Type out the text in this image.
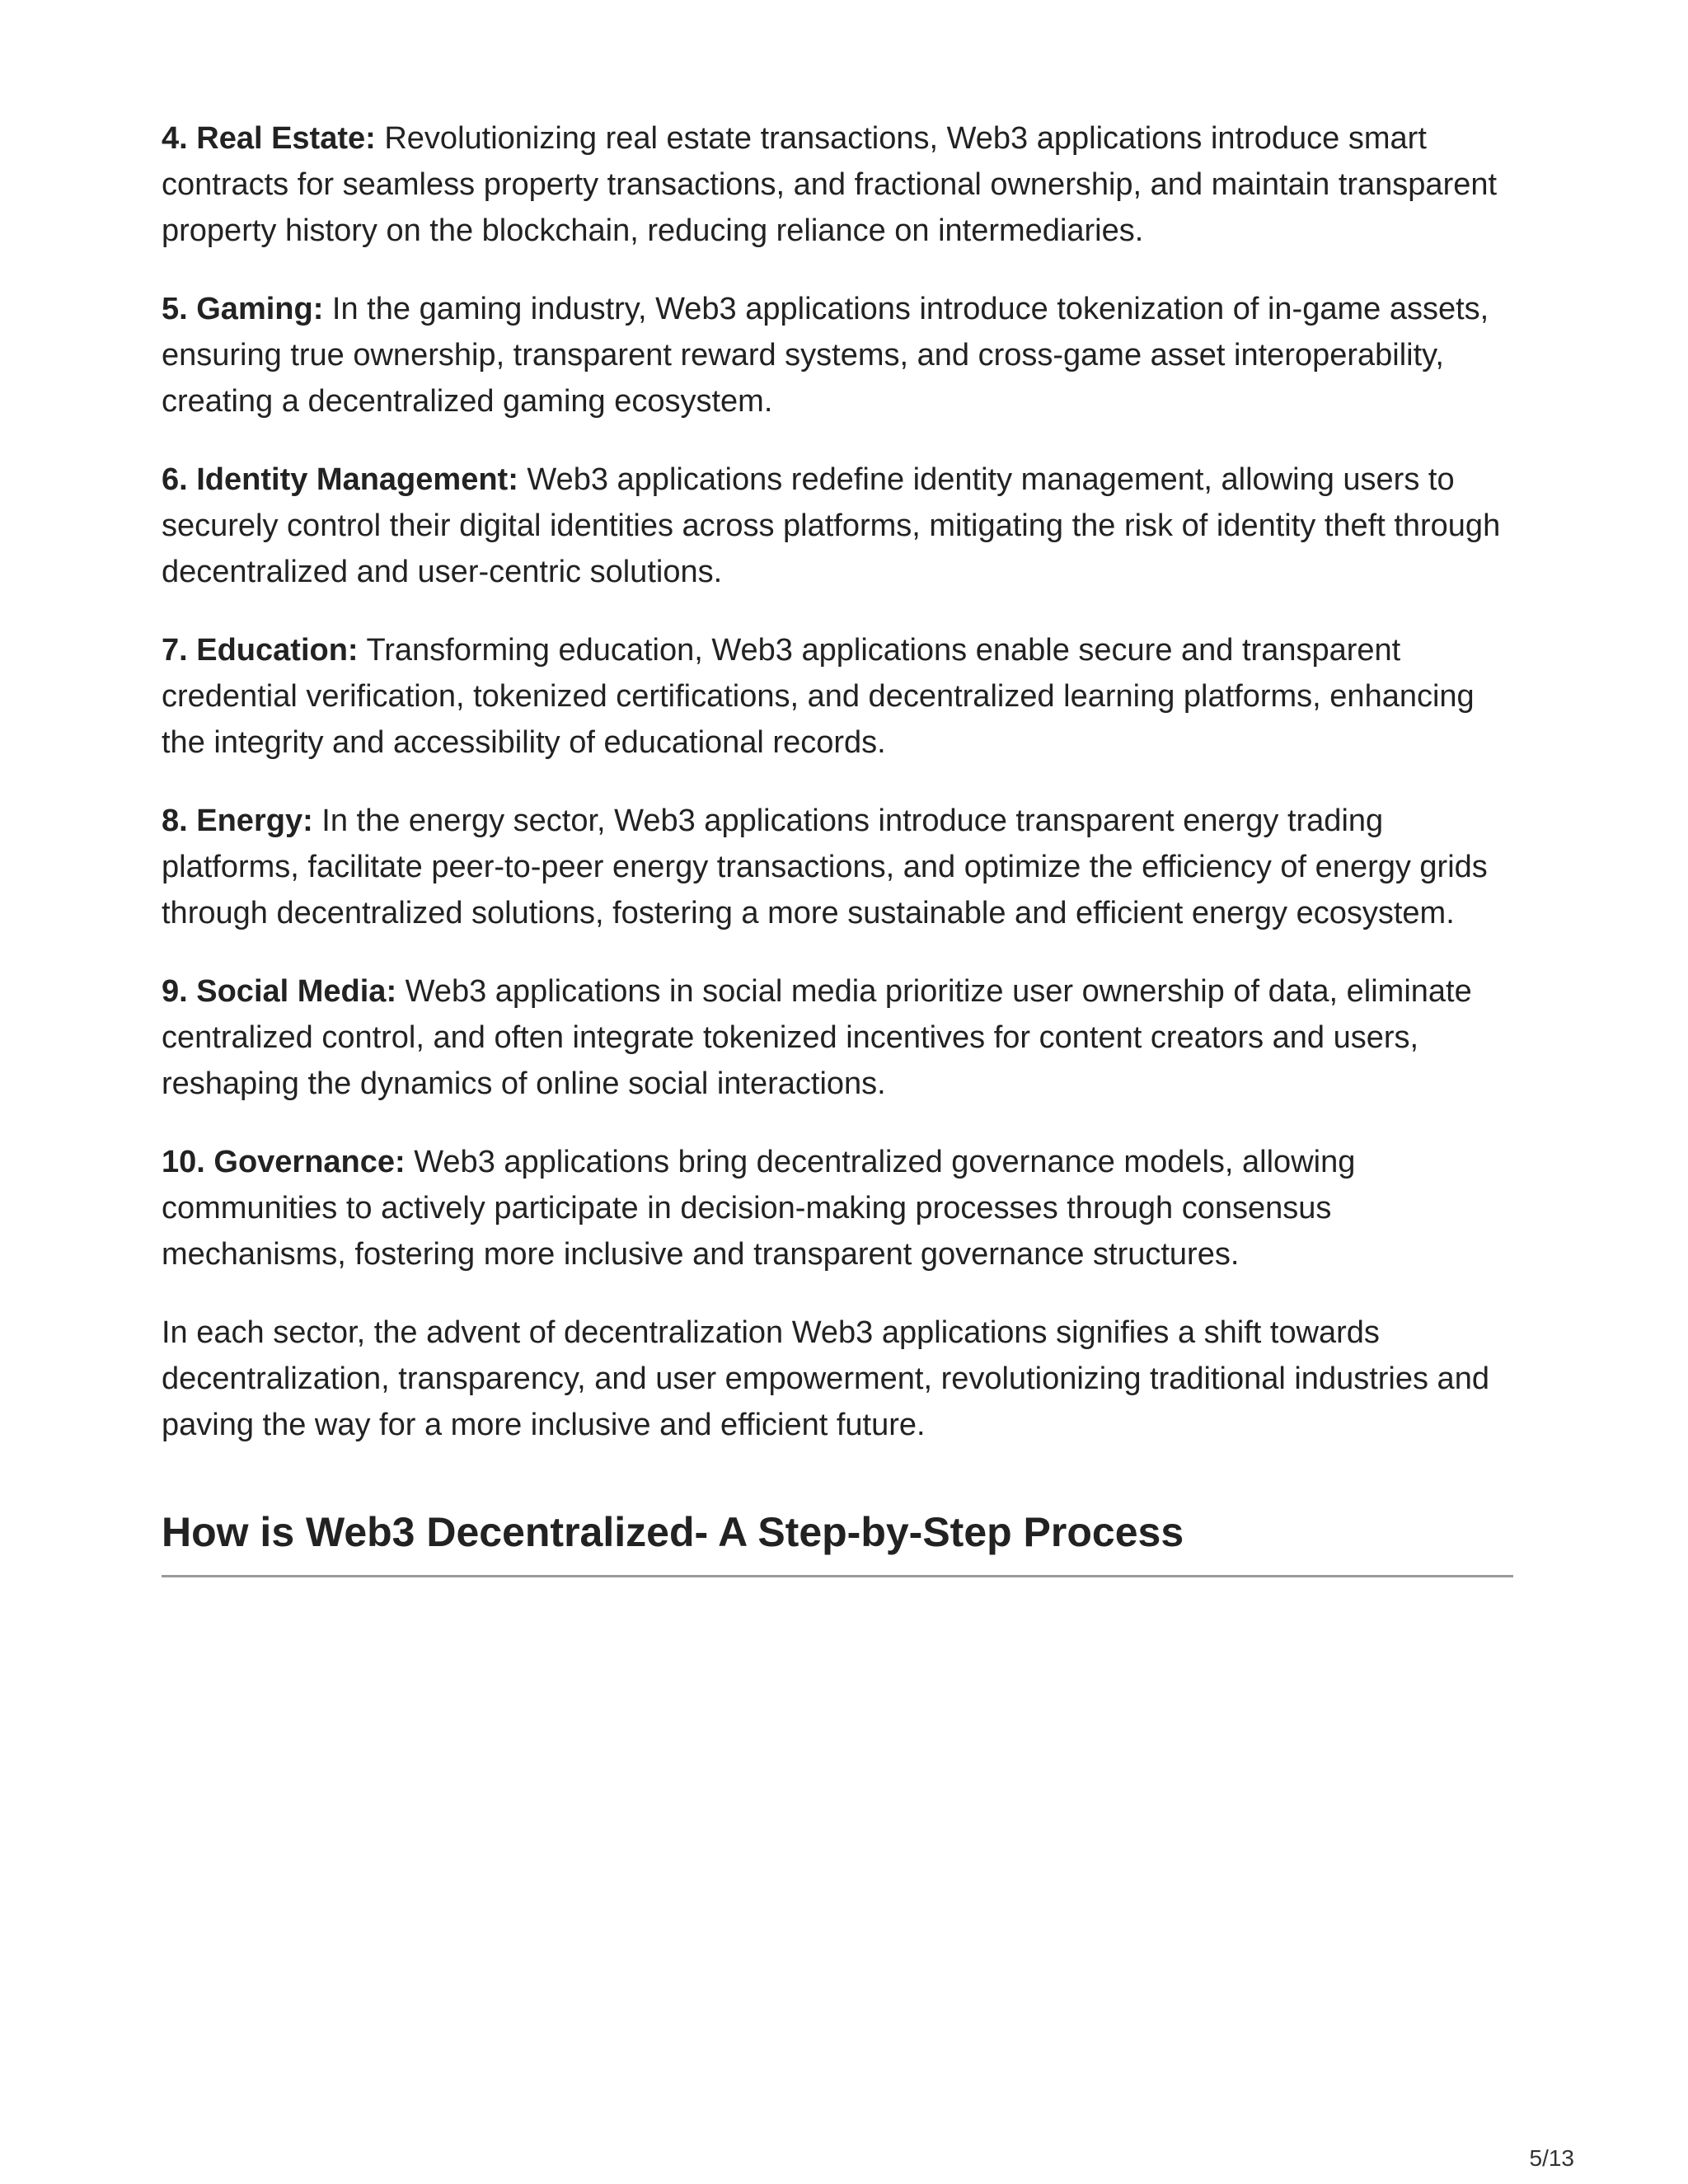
4. Real Estate: Revolutionizing real estate transactions, Web3 applications introduce smart contracts for seamless property transactions, and fractional ownership, and maintain transparent property history on the blockchain, reducing reliance on intermediaries.

5. Gaming: In the gaming industry, Web3 applications introduce tokenization of in-game assets, ensuring true ownership, transparent reward systems, and cross-game asset interoperability, creating a decentralized gaming ecosystem.

6. Identity Management: Web3 applications redefine identity management, allowing users to securely control their digital identities across platforms, mitigating the risk of identity theft through decentralized and user-centric solutions.

7. Education: Transforming education, Web3 applications enable secure and transparent credential verification, tokenized certifications, and decentralized learning platforms, enhancing the integrity and accessibility of educational records.

8. Energy: In the energy sector, Web3 applications introduce transparent energy trading platforms, facilitate peer-to-peer energy transactions, and optimize the efficiency of energy grids through decentralized solutions, fostering a more sustainable and efficient energy ecosystem.

9. Social Media: Web3 applications in social media prioritize user ownership of data, eliminate centralized control, and often integrate tokenized incentives for content creators and users, reshaping the dynamics of online social interactions.

10. Governance: Web3 applications bring decentralized governance models, allowing communities to actively participate in decision-making processes through consensus mechanisms, fostering more inclusive and transparent governance structures.

In each sector, the advent of decentralization Web3 applications signifies a shift towards decentralization, transparency, and user empowerment, revolutionizing traditional industries and paving the way for a more inclusive and efficient future.

How is Web3 Decentralized- A Step-by-Step Process
5/13
